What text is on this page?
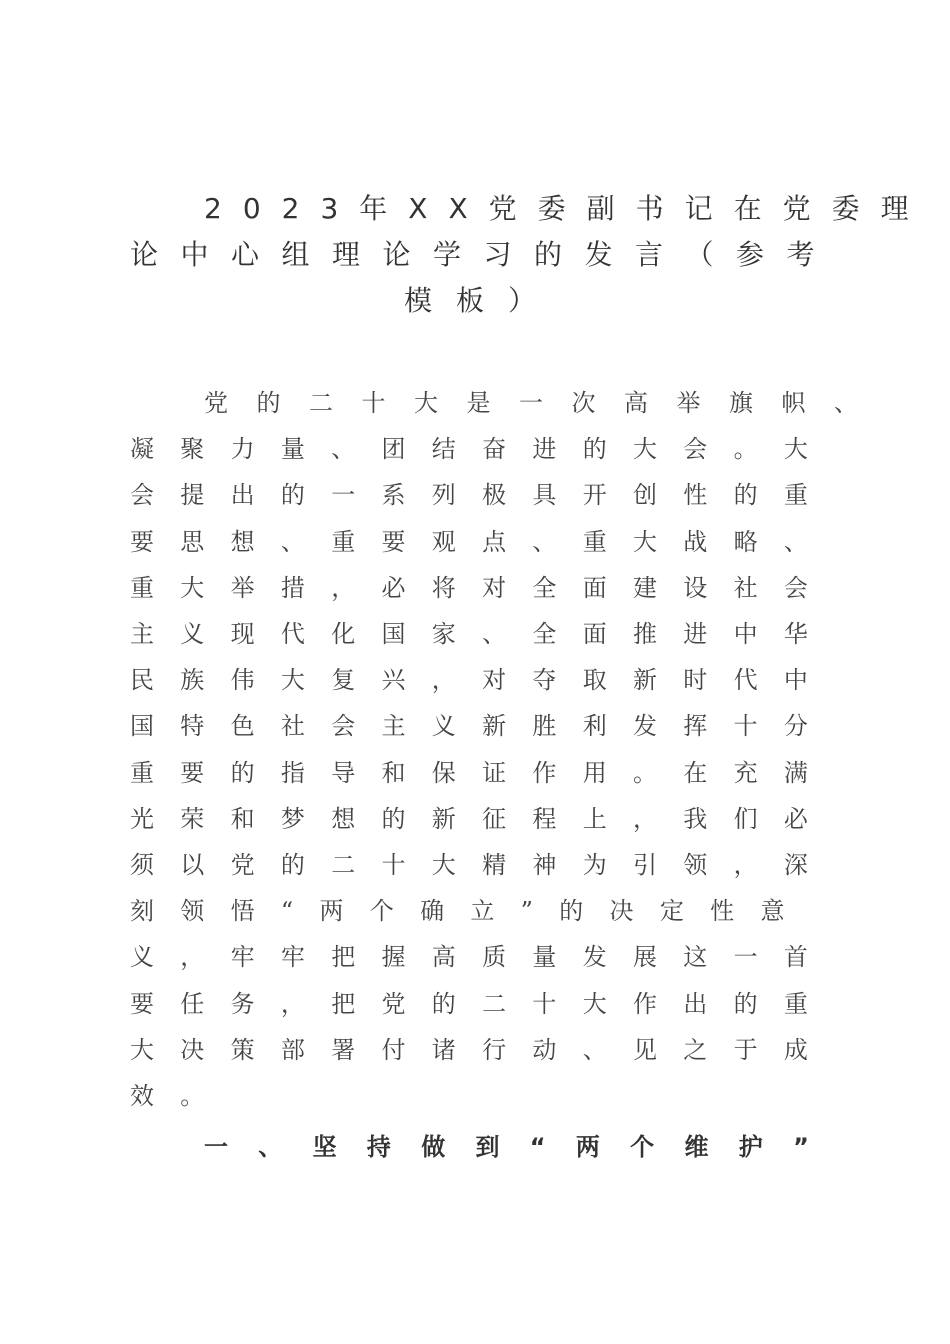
2023年XX党委副书记在党委理
论中心组理论学习的发言（参考
模板）
党的二十大是一次高举旗帜、
凝聚力量、团结奋进的大会。大
会提出的一系列极具开创性的重
要思想、重要观点、重大战略、
重大举措，必将对全面建设社会
主义现代化国家、全面推进中华
民族伟大复兴，对夺取新时代中
国特色社会主义新胜利发挥十分
重要的指导和保证作用。在充满
光荣和梦想的新征程上，我们必
须以党的二十大精神为引领，深
刻领悟“两个确立”的决定性意
义，牢牢把握高质量发展这一首
要任务，把党的二十大作出的重
大决策部署付诸行动、见之于成
效。
一、坚持做到“两个维护”
